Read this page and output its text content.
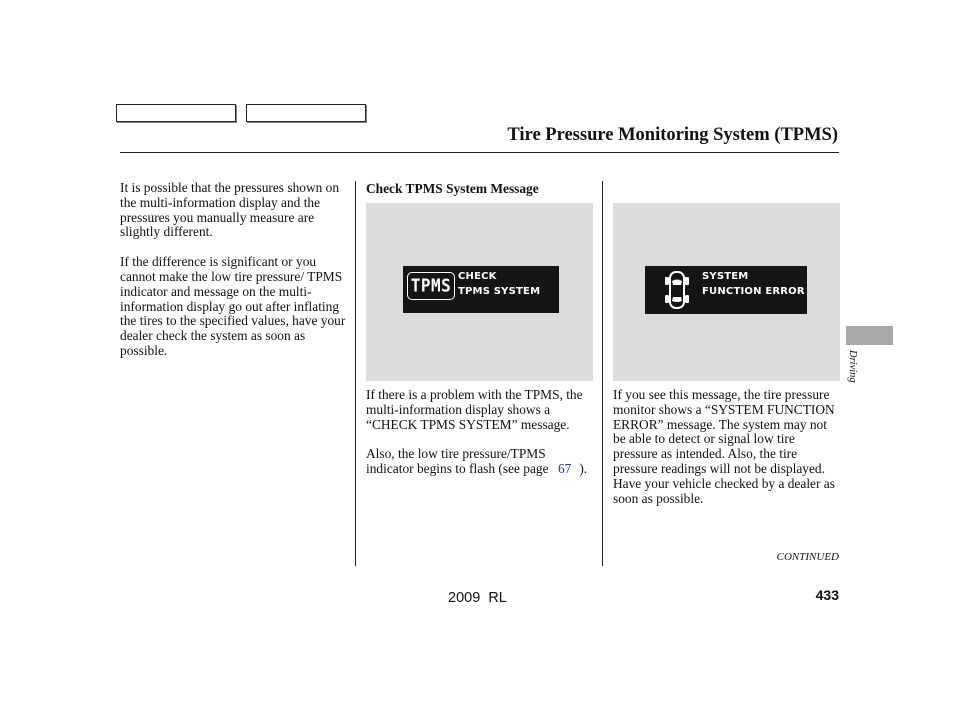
Tire Pressure Monitoring System (TPMS)

It is possible that the pressures shown on the multi-information display and the pressures you manually measure are slightly different.

If the difference is significant or you cannot make the low tire pressure/ TPMS indicator and message on the multi-information display go out after inflating the tires to the specified values, have your dealer check the system as soon as possible.

Check TPMS System Message
TPMS CHECK
TPMS SYSTEM

If there is a problem with the TPMS, the multi-information display shows a “CHECK TPMS SYSTEM” message.

Also, the low tire pressure/TPMS indicator begins to flash (see page 67 ).

SYSTEM
FUNCTION ERROR

If you see this message, the tire pressure monitor shows a “SYSTEM FUNCTION ERROR” message. The system may not be able to detect or signal low tire pressure as intended. Also, the tire pressure readings will not be displayed. Have your vehicle checked by a dealer as soon as possible.

Driving
CONTINUED
2009  RL	433
